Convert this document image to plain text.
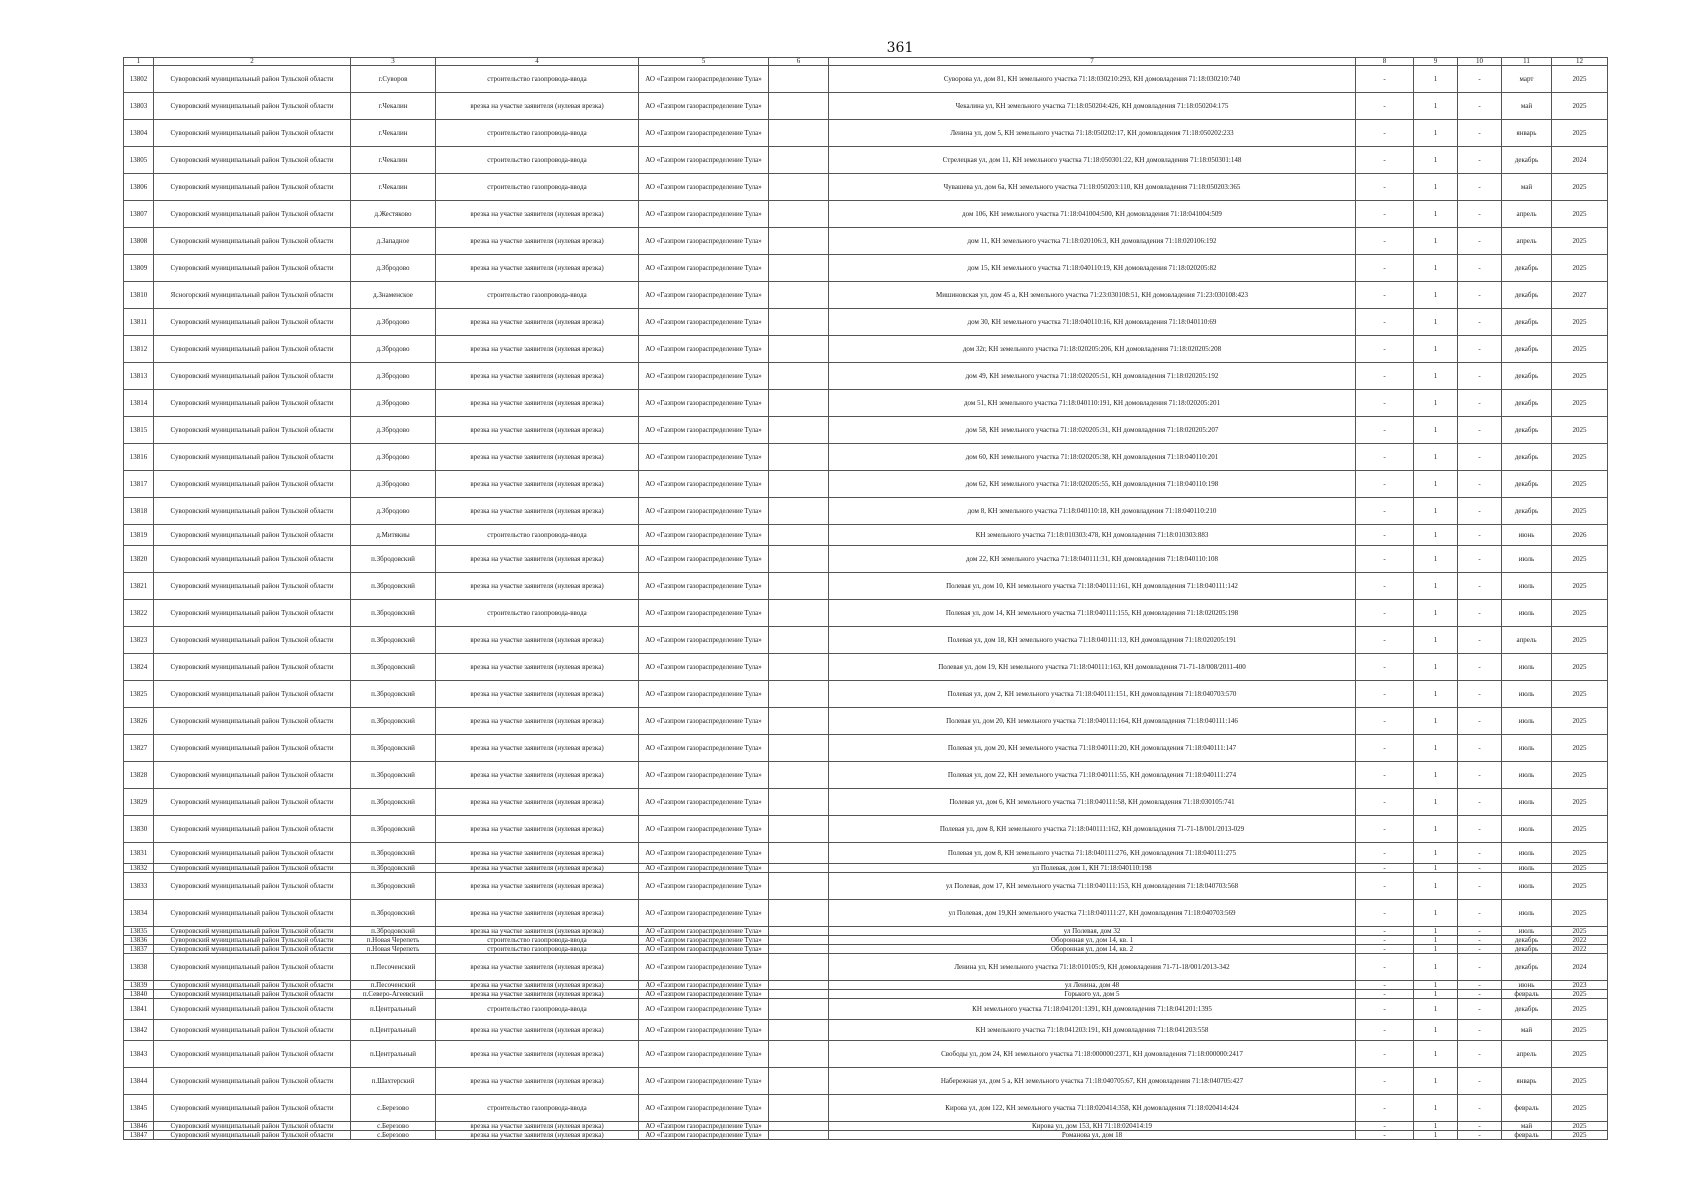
361
1	2	3	4	5	6	7	8	9	10	11	12
13802	Суворовский муниципальный район Тульской области	г.Суворов	строительство газопровода-ввода	АО «Газпром газораспределение Тула»		Суворова ул, дом 81, КН земельного участка 71:18:030210:293, КН домовладения 71:18:030210:740	-	1	-	март	2025
13803	Суворовский муниципальный район Тульской области	г.Чекалин	врезка на участке заявителя (нулевая врезка)	АО «Газпром газораспределение Тула»		Чекалина ул, КН земельного участка 71:18:050204:426, КН домовладения 71:18:050204:175	-	1	-	май	2025
13804	Суворовский муниципальный район Тульской области	г.Чекалин	строительство газопровода-ввода	АО «Газпром газораспределение Тула»		Ленина ул, дом 5, КН земельного участка 71:18:050202:17, КН домовладения 71:18:050202:233	-	1	-	январь	2025
13805	Суворовский муниципальный район Тульской области	г.Чекалин	строительство газопровода-ввода	АО «Газпром газораспределение Тула»		Стрелецкая ул, дом 11, КН земельного участка 71:18:050301:22, КН домовладения 71:18:050301:148	-	1	-	декабрь	2024
13806	Суворовский муниципальный район Тульской области	г.Чекалин	строительство газопровода-ввода	АО «Газпром газораспределение Тула»		Чувашева ул, дом 6а, КН земельного участка 71:18:050203:110, КН домовладения 71:18:050203:365	-	1	-	май	2025
13807	Суворовский муниципальный район Тульской области	д.Жестяково	врезка на участке заявителя (нулевая врезка)	АО «Газпром газораспределение Тула»		дом 106, КН земельного участка 71:18:041004:500, КН домовладения 71:18:041004:509	-	1	-	апрель	2025
13808	Суворовский муниципальный район Тульской области	д.Западное	врезка на участке заявителя (нулевая врезка)	АО «Газпром газораспределение Тула»		дом 11, КН земельного участка 71:18:020106:3, КН домовладения 71:18:020106:192	-	1	-	апрель	2025
13809	Суворовский муниципальный район Тульской области	д.Збродово	врезка на участке заявителя (нулевая врезка)	АО «Газпром газораспределение Тула»		дом 15, КН земельного участка 71:18:040110:19, КН домовладения 71:18:020205:82	-	1	-	декабрь	2025
13810	Ясногорский муниципальный район Тульской области	д.Знаменское	строительство газопровода-ввода	АО «Газпром газораспределение Тула»		Мишиновская ул, дом 45 а, КН земельного участка 71:23:030108:51, КН домовладения 71:23:030108:423	-	1	-	декабрь	2027
13811	Суворовский муниципальный район Тульской области	д.Збродово	врезка на участке заявителя (нулевая врезка)	АО «Газпром газораспределение Тула»		дом 30, КН земельного участка 71:18:040110:16, КН домовладения 71:18:040110:69	-	1	-	декабрь	2025
13812	Суворовский муниципальный район Тульской области	д.Збродово	врезка на участке заявителя (нулевая врезка)	АО «Газпром газораспределение Тула»		дом 32г, КН земельного участка 71:18:020205:206, КН домовладения 71:18:020205:208	-	1	-	декабрь	2025
13813	Суворовский муниципальный район Тульской области	д.Збродово	врезка на участке заявителя (нулевая врезка)	АО «Газпром газораспределение Тула»		дом 49, КН земельного участка 71:18:020205:51, КН домовладения 71:18:020205:192	-	1	-	декабрь	2025
13814	Суворовский муниципальный район Тульской области	д.Збродово	врезка на участке заявителя (нулевая врезка)	АО «Газпром газораспределение Тула»		дом 51, КН земельного участка 71:18:040110:191, КН домовладения 71:18:020205:201	-	1	-	декабрь	2025
13815	Суворовский муниципальный район Тульской области	д.Збродово	врезка на участке заявителя (нулевая врезка)	АО «Газпром газораспределение Тула»		дом 58, КН земельного участка 71:18:020205:31, КН домовладения 71:18:020205:207	-	1	-	декабрь	2025
13816	Суворовский муниципальный район Тульской области	д.Збродово	врезка на участке заявителя (нулевая врезка)	АО «Газпром газораспределение Тула»		дом 60, КН земельного участка 71:18:020205:38, КН домовладения 71:18:040110:201	-	1	-	декабрь	2025
13817	Суворовский муниципальный район Тульской области	д.Збродово	врезка на участке заявителя (нулевая врезка)	АО «Газпром газораспределение Тула»		дом 62, КН земельного участка 71:18:020205:55, КН домовладения 71:18:040110:198	-	1	-	декабрь	2025
13818	Суворовский муниципальный район Тульской области	д.Збродово	врезка на участке заявителя (нулевая врезка)	АО «Газпром газораспределение Тула»		дом 8, КН земельного участка 71:18:040110:18, КН домовладения 71:18:040110:210	-	1	-	декабрь	2025
13819	Суворовский муниципальный район Тульской области	д.Митякиы	строительство газопровода-ввода	АО «Газпром газораспределение Тула»		КН земельного участка 71:18:010303:478, КН домовладения 71:18:010303:883	-	1	-	июнь	2026
13820	Суворовский муниципальный район Тульской области	п.Збродовский	врезка на участке заявителя (нулевая врезка)	АО «Газпром газораспределение Тула»		дом 22, КН земельного участка 71:18:040111:31, КН домовладения 71:18:040110:108	-	1	-	июль	2025
13821	Суворовский муниципальный район Тульской области	п.Збродовский	врезка на участке заявителя (нулевая врезка)	АО «Газпром газораспределение Тула»		Полевая ул, дом 10, КН земельного участка 71:18:040111:161, КН домовладения 71:18:040111:142	-	1	-	июль	2025
13822	Суворовский муниципальный район Тульской области	п.Збродовский	строительство газопровода-ввода	АО «Газпром газораспределение Тула»		Полевая ул, дом 14, КН земельного участка 71:18:040111:155, КН домовладения 71:18:020205:198	-	1	-	июль	2025
13823	Суворовский муниципальный район Тульской области	п.Збродовский	врезка на участке заявителя (нулевая врезка)	АО «Газпром газораспределение Тула»		Полевая ул, дом 18, КН земельного участка 71:18:040111:13, КН домовладения 71:18:020205:191	-	1	-	апрель	2025
13824	Суворовский муниципальный район Тульской области	п.Збродовский	врезка на участке заявителя (нулевая врезка)	АО «Газпром газораспределение Тула»		Полевая ул, дом 19, КН земельного участка 71:18:040111:163, КН домовладения 71-71-18/008/2011-400	-	1	-	июль	2025
13825	Суворовский муниципальный район Тульской области	п.Збродовский	врезка на участке заявителя (нулевая врезка)	АО «Газпром газораспределение Тула»		Полевая ул, дом 2, КН земельного участка 71:18:040111:151, КН домовладения 71:18:040703:570	-	1	-	июль	2025
13826	Суворовский муниципальный район Тульской области	п.Збродовский	врезка на участке заявителя (нулевая врезка)	АО «Газпром газораспределение Тула»		Полевая ул, дом 20, КН земельного участка 71:18:040111:164, КН домовладения 71:18:040111:146	-	1	-	июль	2025
13827	Суворовский муниципальный район Тульской области	п.Збродовский	врезка на участке заявителя (нулевая врезка)	АО «Газпром газораспределение Тула»		Полевая ул, дом 20, КН земельного участка 71:18:040111:20, КН домовладения 71:18:040111:147	-	1	-	июль	2025
13828	Суворовский муниципальный район Тульской области	п.Збродовский	врезка на участке заявителя (нулевая врезка)	АО «Газпром газораспределение Тула»		Полевая ул, дом 22, КН земельного участка 71:18:040111:55, КН домовладения 71:18:040111:274	-	1	-	июль	2025
13829	Суворовский муниципальный район Тульской области	п.Збродовский	врезка на участке заявителя (нулевая врезка)	АО «Газпром газораспределение Тула»		Полевая ул, дом 6, КН земельного участка 71:18:040111:58, КН домовладения 71:18:030105:741	-	1	-	июль	2025
13830	Суворовский муниципальный район Тульской области	п.Збродовский	врезка на участке заявителя (нулевая врезка)	АО «Газпром газораспределение Тула»		Полевая ул, дом 8, КН земельного участка 71:18:040111:162, КН домовладения 71-71-18/001/2013-029	-	1	-	июль	2025
13831	Суворовский муниципальный район Тульской области	п.Збродовский	врезка на участке заявителя (нулевая врезка)	АО «Газпром газораспределение Тула»		Полевая ул, дом 8, КН земельного участка 71:18:040111:276, КН домовладения 71:18:040111:275	-	1	-	июль	2025
13832	Суворовский муниципальный район Тульской области	п.Збродовский	врезка на участке заявителя (нулевая врезка)	АО «Газпром газораспределение Тула»		ул Полевая, дом 1, КН 71:18:040110:198	-	1	-	июль	2025
13833	Суворовский муниципальный район Тульской области	п.Збродовский	врезка на участке заявителя (нулевая врезка)	АО «Газпром газораспределение Тула»		ул Полевая, дом 17, КН земельного участка 71:18:040111:153, КН домовладения 71:18:040703:568	-	1	-	июль	2025
13834	Суворовский муниципальный район Тульской области	п.Збродовский	врезка на участке заявителя (нулевая врезка)	АО «Газпром газораспределение Тула»		ул Полевая, дом 19,КН земельного участка 71:18:040111:27, КН домовладения 71:18:040703:569	-	1	-	июль	2025
13835	Суворовский муниципальный район Тульской области	п.Збродовский	врезка на участке заявителя (нулевая врезка)	АО «Газпром газораспределение Тула»		ул Полевая, дом 32	-	1	-	июль	2025
13836	Суворовский муниципальный район Тульской области	п.Новая Черепеть	строительство газопровода-ввода	АО «Газпром газораспределение Тула»		Оборонная ул, дом 14, кв. 1	-	1	-	декабрь	2022
13837	Суворовский муниципальный район Тульской области	п.Новая Черепеть	строительство газопровода-ввода	АО «Газпром газораспределение Тула»		Оборонная ул, дом 14, кв. 2	-	1	-	декабрь	2022
13838	Суворовский муниципальный район Тульской области	п.Песоченский	врезка на участке заявителя (нулевая врезка)	АО «Газпром газораспределение Тула»		Ленина ул, КН земельного участка 71:18:010105:9, КН домовладения 71-71-18/001/2013-342	-	1	-	декабрь	2024
13839	Суворовский муниципальный район Тульской области	п.Песоченский	врезка на участке заявителя (нулевая врезка)	АО «Газпром газораспределение Тула»		ул Ленина, дом 48	-	1	-	июнь	2023
13840	Суворовский муниципальный район Тульской области	п.Северо-Агеевский	врезка на участке заявителя (нулевая врезка)	АО «Газпром газораспределение Тула»		Горького ул, дом 5	-	1	-	февраль	2025
13841	Суворовский муниципальный район Тульской области	п.Центральный	строительство газопровода-ввода	АО «Газпром газораспределение Тула»		КН земельного участка 71:18:041201:1391, КН домовладения 71:18:041201:1395	-	1	-	декабрь	2025
13842	Суворовский муниципальный район Тульской области	п.Центральный	врезка на участке заявителя (нулевая врезка)	АО «Газпром газораспределение Тула»		КН земельного участка 71:18:041203:191, КН домовладения 71:18:041203:558	-	1	-	май	2025
13843	Суворовский муниципальный район Тульской области	п.Центральный	врезка на участке заявителя (нулевая врезка)	АО «Газпром газораспределение Тула»		Свободы ул, дом 24, КН земельного участка 71:18:000000:2371, КН домовладения 71:18:000000:2417	-	1	-	апрель	2025
13844	Суворовский муниципальный район Тульской области	п.Шахтерский	врезка на участке заявителя (нулевая врезка)	АО «Газпром газораспределение Тула»		Набережная ул, дом 5 а, КН земельного участка 71:18:040705:67, КН домовладения 71:18:040705:427	-	1	-	январь	2025
13845	Суворовский муниципальный район Тульской области	с.Березово	строительство газопровода-ввода	АО «Газпром газораспределение Тула»		Кирова ул, дом 122, КН земельного участка 71:18:020414:358, КН домовладения 71:18:020414:424	-	1	-	февраль	2025
13846	Суворовский муниципальный район Тульской области	с.Березово	врезка на участке заявителя (нулевая врезка)	АО «Газпром газораспределение Тула»		Кирова ул, дом 153, КН 71:18:020414:19	-	1	-	май	2025
13847	Суворовский муниципальный район Тульской области	с.Березово	врезка на участке заявителя (нулевая врезка)	АО «Газпром газораспределение Тула»		Романова ул, дом 18	-	1	-	февраль	2025
